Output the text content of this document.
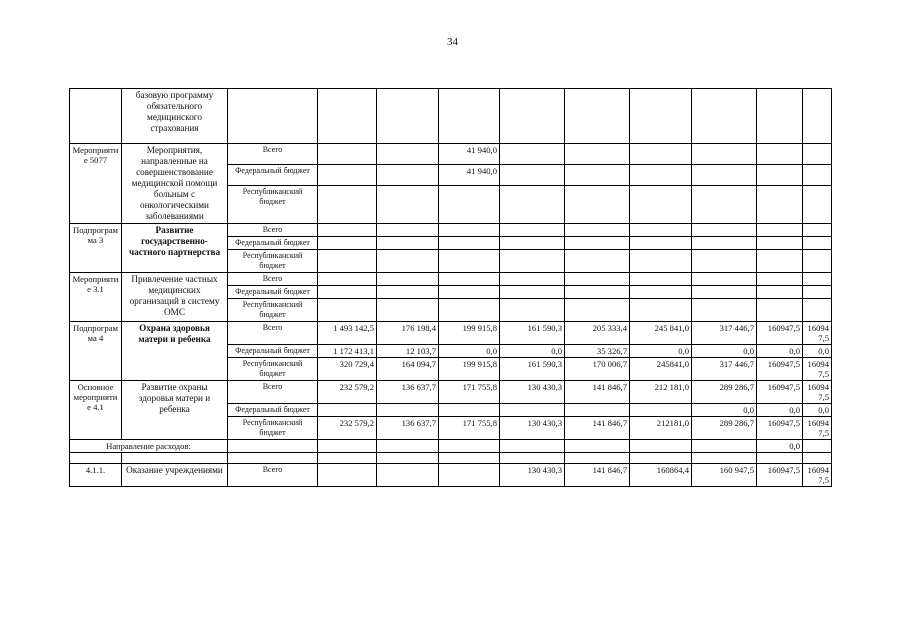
34
	базовую программу обязательного медицинского страхования											
Мероприятие 5077	Мероприятия, направленные на совершенствование медицинской помощи больным с онкологическими заболеваниями	Всего			41 940,0							
		Федеральный бюджет			41 940,0							
		Республиканский бюджет										
Подпрограмма 3	Развитие государственно-частного партнерства	Всего										
		Федеральный бюджет										
		Республиканский бюджет										
Мероприятие 3.1	Привлечение частных медицинских организаций в систему ОМС	Всего										
		Федеральный бюджет										
		Республиканский бюджет										
Подпрограмма 4	Охрана здоровья матери и ребенка	Всего	1 493 142,5	176 198,4	199 915,8	161 590,3	205 333,4	245 841,0	317 446,7	160947,5	160947,5	
		Федеральный бюджет	1 172 413,1	12 103,7	0,0	0,0	35 326,7	0,0	0,0	0,0	0,0	
		Республиканский бюджет	320 729,4	164 094,7	199 915,8	161 590,3	170 006,7	245841,0	317 446,7	160947,5	160947,5	
Основное мероприятие 4.1	Развитие охраны здоровья матери и ребенка	Всего	232 579,2	136 637,7	171 755,8	130 430,3	141 846,7	212 181,0	289 286,7	160947,5	160947,5	
		Федеральный бюджет							0,0	0,0	0,0	
		Республиканский бюджет	232 579,2	136 637,7	171 755,8	130 430,3	141 846,7	212181,0	289 286,7	160947,5	160947,5	
Направление расходов:										0,0		

4.1.1.	Оказание учреждениями	Всего				130 430,3	141 846,7	160864,4	160 947,5	160947,5	160947,5	
